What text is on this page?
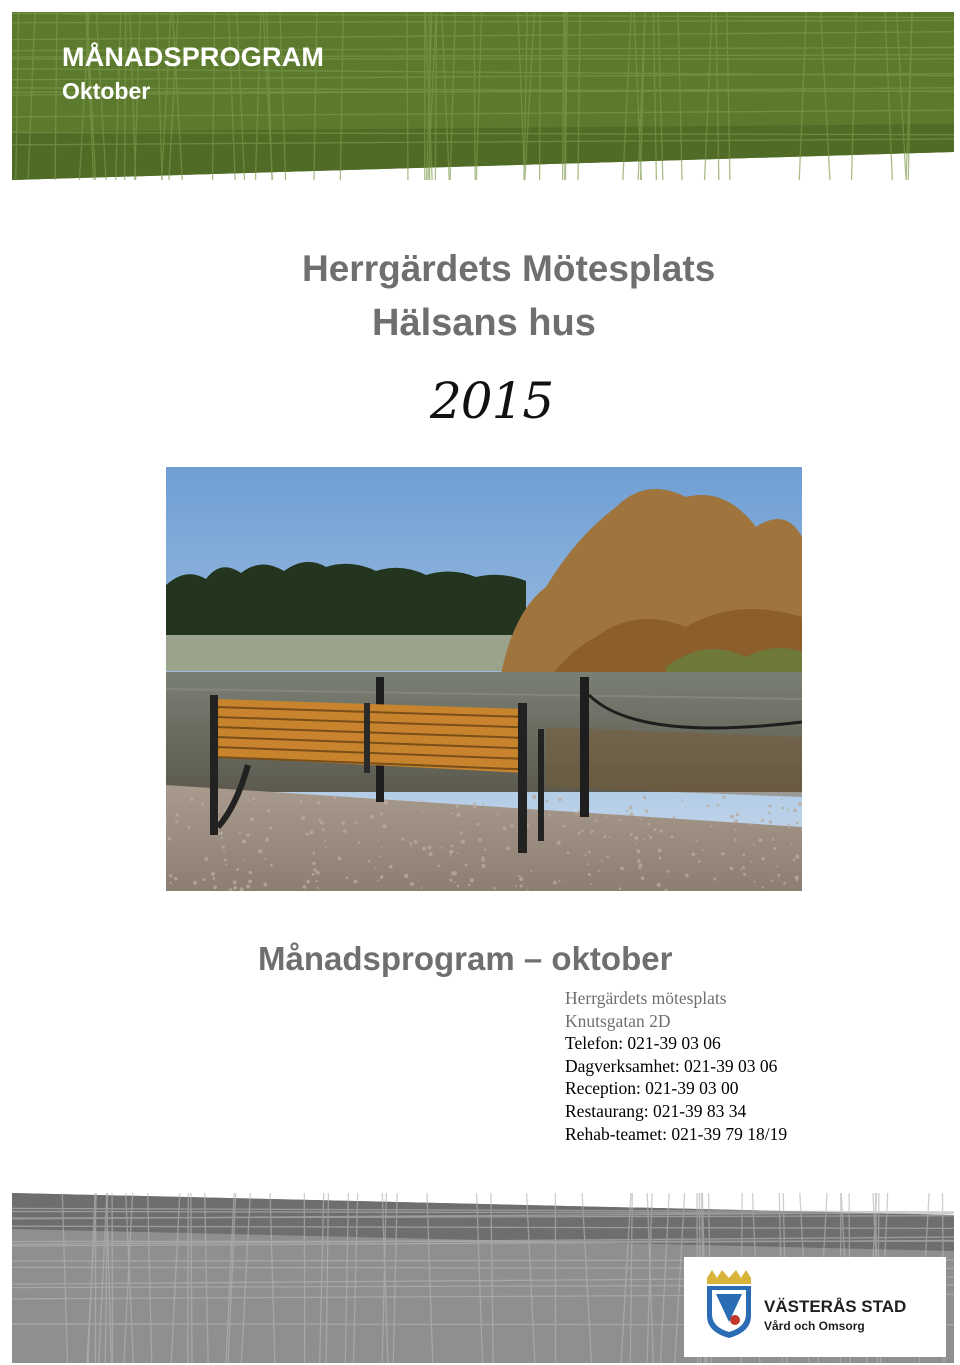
MÅNADSPROGRAM
Oktober
Herrgärdets Mötesplats
Hälsans hus
2015
Månadsprogram – oktober
Herrgärdets mötesplats
Knutsgatan 2D
Telefon: 021-39 03 06
Dagverksamhet: 021-39 03 06
Reception: 021-39 03 00
Restaurang: 021-39 83 34
Rehab-teamet: 021-39 79 18/19
VÄSTERÅS STAD
Vård och Omsorg
